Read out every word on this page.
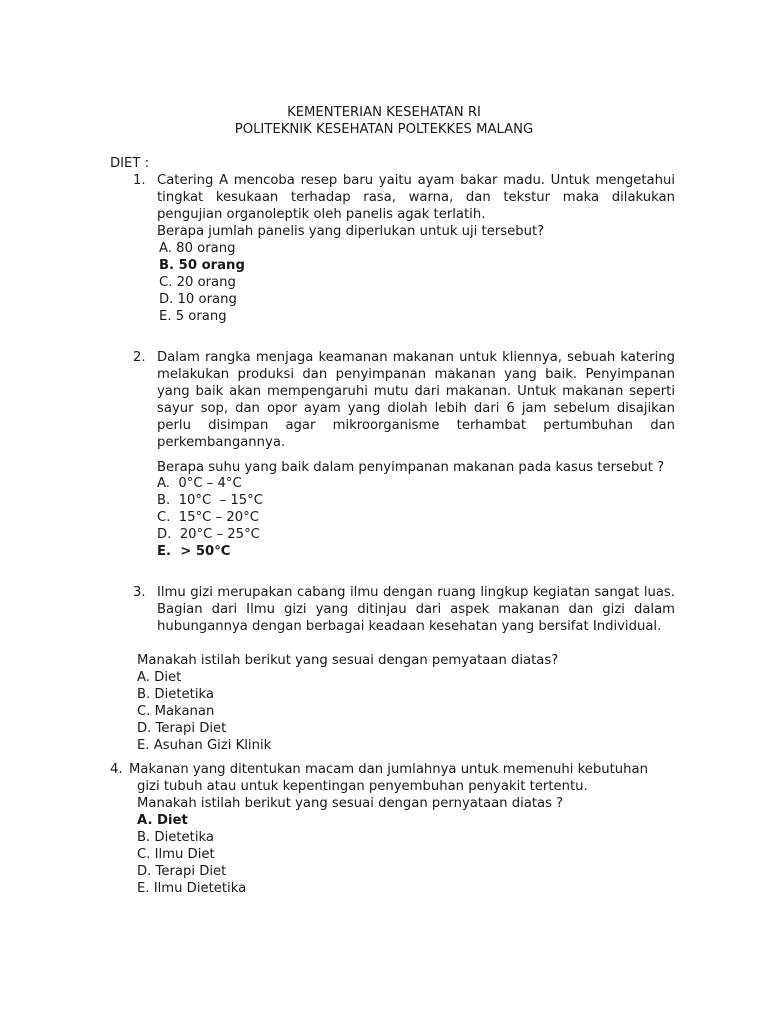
KEMENTERIAN KESEHATAN RI
POLITEKNIK KESEHATAN POLTEKKES MALANG
DIET :
1. Catering A mencoba resep baru yaitu ayam bakar madu. Untuk mengetahui tingkat kesukaan terhadap rasa, warna, dan tekstur maka dilakukan pengujian organoleptik oleh panelis agak terlatih.
Berapa jumlah panelis yang diperlukan untuk uji tersebut?
A. 80 orang
B. 50 orang
C. 20 orang
D. 10 orang
E. 5 orang
2. Dalam rangka menjaga keamanan makanan untuk kliennya, sebuah katering melakukan produksi dan penyimpanan makanan yang baik. Penyimpanan yang baik akan mempengaruhi mutu dari makanan. Untuk makanan seperti sayur sop, dan opor ayam yang diolah lebih dari 6 jam sebelum disajikan perlu disimpan agar mikroorganisme terhambat pertumbuhan dan perkembangannya.
Berapa suhu yang baik dalam penyimpanan makanan pada kasus tersebut ?
A.  0°C – 4°C
B.  10°C  – 15°C
C.  15°C – 20°C
D.  20°C – 25°C
E.  > 50°C
3. Ilmu gizi merupakan cabang ilmu dengan ruang lingkup kegiatan sangat luas. Bagian dari Ilmu gizi yang ditinjau dari aspek makanan dan gizi dalam hubungannya dengan berbagai keadaan kesehatan yang bersifat Individual.
Manakah istilah berikut yang sesuai dengan pemyataan diatas?
A. Diet
B. Dietetika
C. Makanan
D. Terapi Diet
E. Asuhan Gizi Klinik
4. Makanan yang ditentukan macam dan jumlahnya untuk memenuhi kebutuhan
gizi tubuh atau untuk kepentingan penyembuhan penyakit tertentu.
Manakah istilah berikut yang sesuai dengan pernyataan diatas ?
A. Diet
B. Dietetika
C. Ilmu Diet
D. Terapi Diet
E. Ilmu Dietetika
